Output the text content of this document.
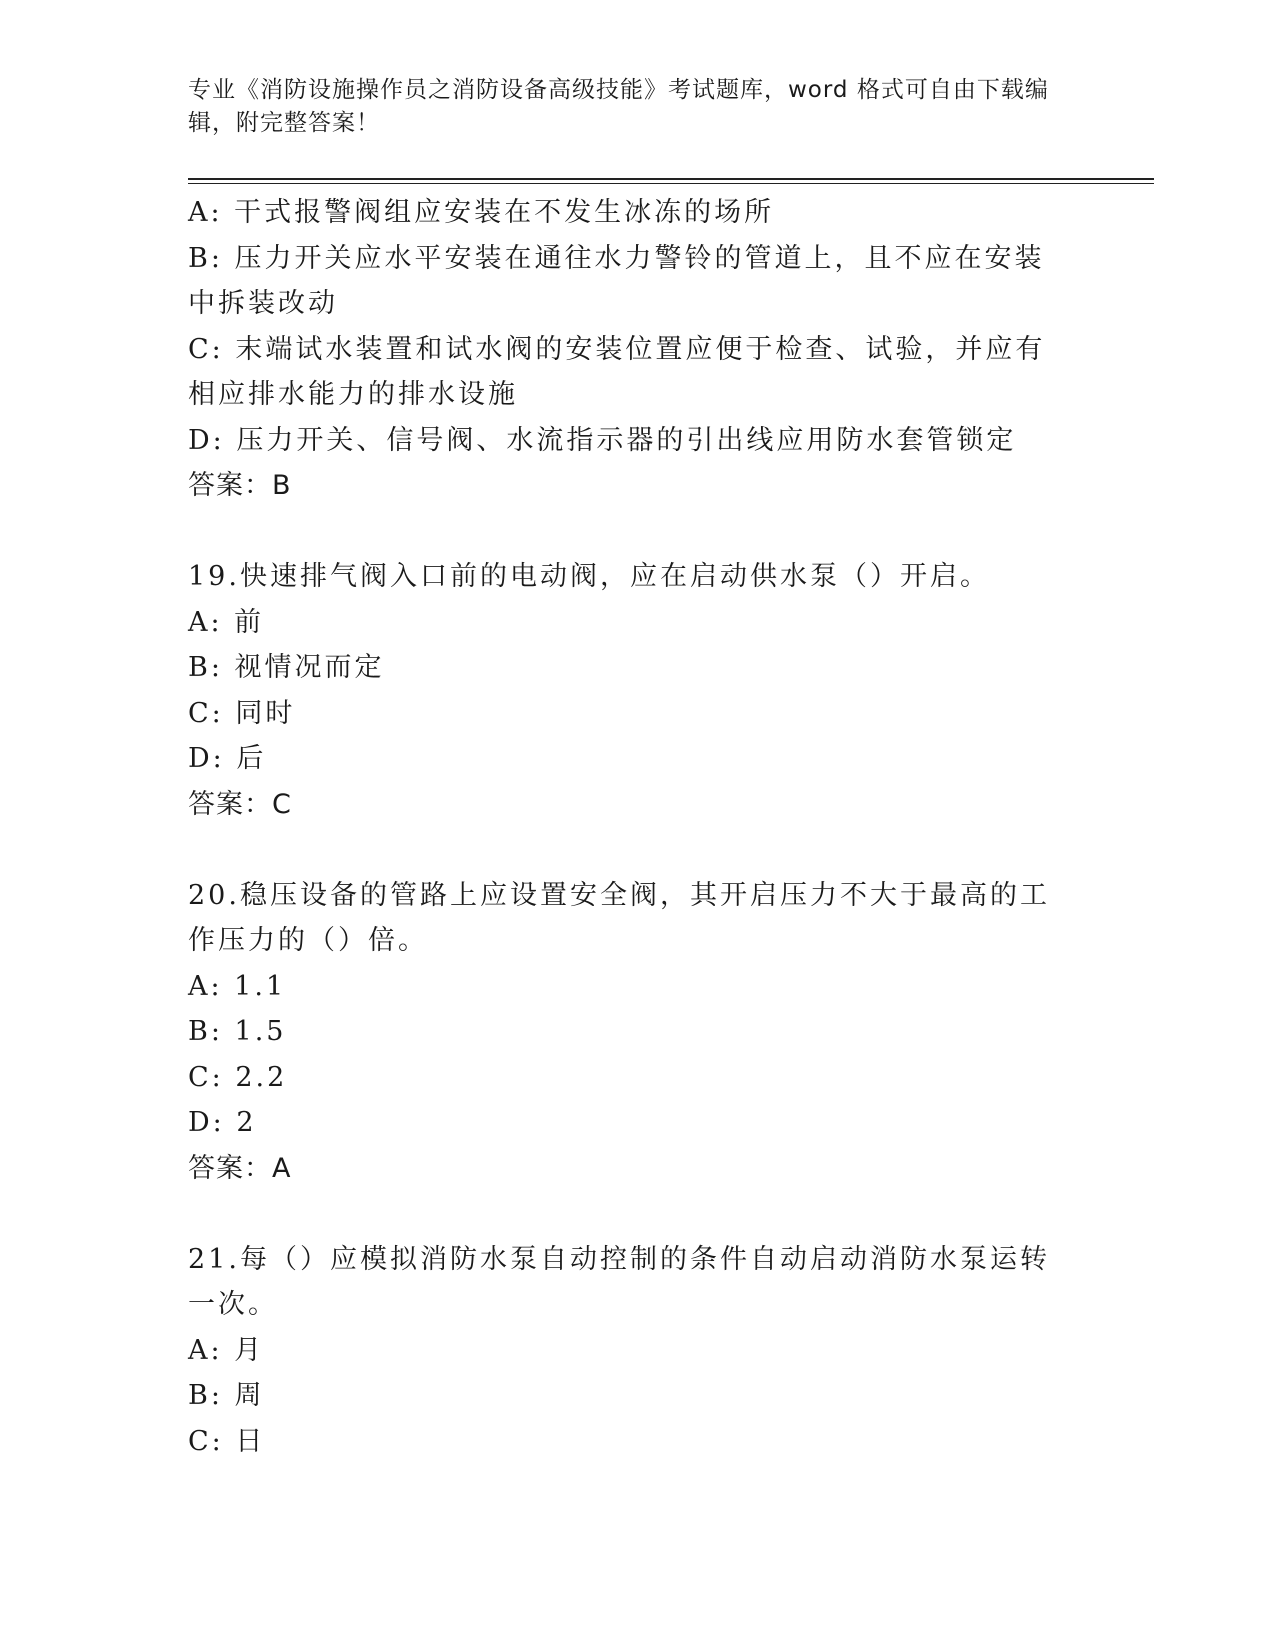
专业《消防设施操作员之消防设备高级技能》考试题库，word 格式可自由下载编辑，附完整答案！
A: 干式报警阀组应安装在不发生冰冻的场所
B: 压力开关应水平安装在通往水力警铃的管道上，且不应在安装中拆装改动
C: 末端试水装置和试水阀的安装位置应便于检查、试验，并应有相应排水能力的排水设施
D: 压力开关、信号阀、水流指示器的引出线应用防水套管锁定
答案：B
19.快速排气阀入口前的电动阀，应在启动供水泵（）开启。
A: 前
B: 视情况而定
C: 同时
D: 后
答案：C
20.稳压设备的管路上应设置安全阀，其开启压力不大于最高的工作压力的（）倍。
A: 1.1
B: 1.5
C: 2.2
D: 2
答案：A
21.每（）应模拟消防水泵自动控制的条件自动启动消防水泵运转一次。
A: 月
B: 周
C: 日
